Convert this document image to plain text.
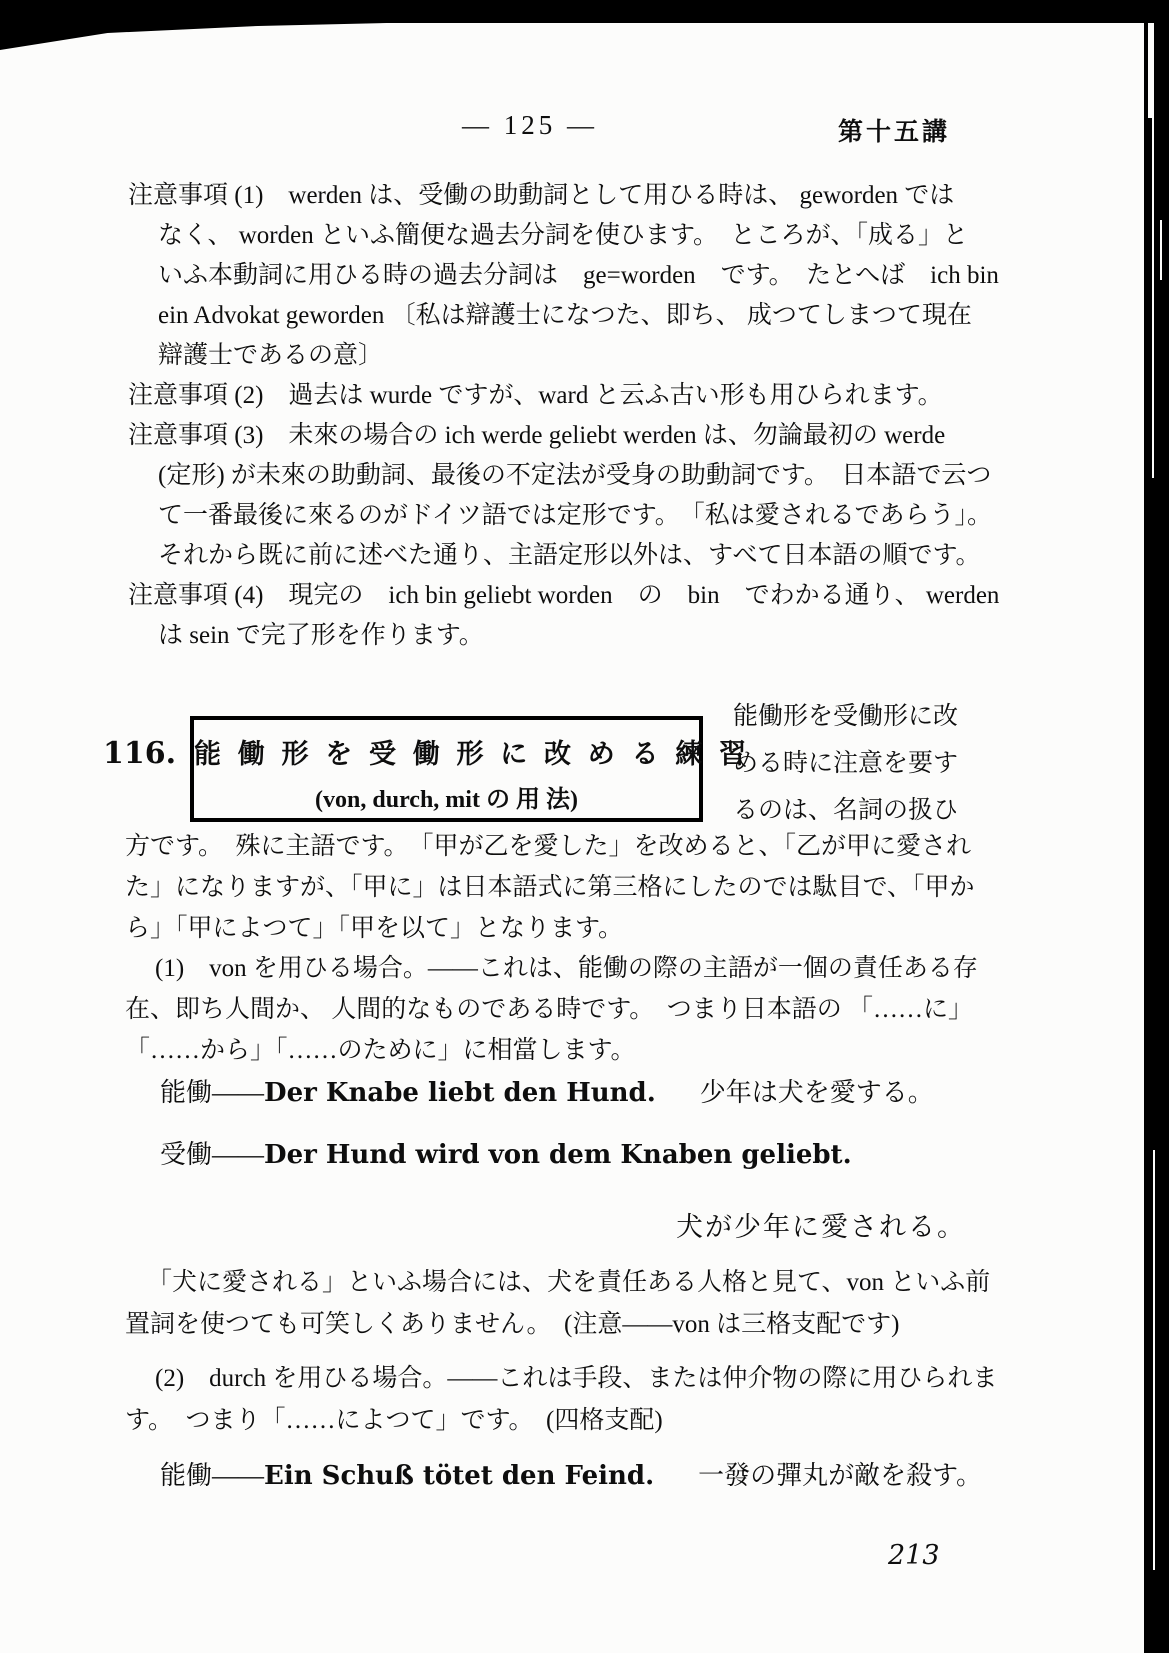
— 125 —	第十五講
注意事項 (1)　werden は、受働の助動詞として用ひる時は、 geworden では
なく、 worden といふ簡便な過去分詞を使ひます。　ところが、「成る」と
いふ本動詞に用ひる時の過去分詞は　ge=worden　です。　たとへば　ich bin
ein Advokat geworden 〔私は辯護士になつた、即ち、 成つてしまつて現在
辯護士であるの意〕
注意事項 (2)　過去は wurde ですが、ward と云ふ古い形も用ひられます。
注意事項 (3)　未來の場合の ich werde geliebt werden は、勿論最初の werde
(定形) が未來の助動詞、最後の不定法が受身の助動詞です。　日本語で云つ
て一番最後に來るのがドイツ語では定形です。　「私は愛されるであらう」。
それから既に前に述べた通り、主語定形以外は、すべて日本語の順です。
注意事項 (4)　現完の　ich bin geliebt worden　の　bin　でわかる通り、 werden
は sein で完了形を作ります。
116. 能 働 形 を 受 働 形 に 改 め る 練 習
(von, durch, mit の 用 法)
能働形を受働形に改
める時に注意を要す
るのは、名詞の扱ひ
方です。　殊に主語です。　「甲が乙を愛した」を改めると、「乙が甲に愛され
た」になりますが、「甲に」は日本語式に第三格にしたのでは駄目で、「甲か
ら」「甲によつて」「甲を以て」となります。
(1)　von を用ひる場合。——これは、能働の際の主語が一個の責任ある存
在、即ち人間か、 人間的なものである時です。　つまり日本語の 「……に」
「……から」「……のために」に相當します。
能働——Der Knabe liebt den Hund. 少年は犬を愛する。
受働——Der Hund wird von dem Knaben geliebt.
犬が少年に愛される。
「犬に愛される」といふ場合には、犬を責任ある人格と見て、von といふ前
置詞を使つても可笑しくありません。　(注意——von は三格支配です)
(2)　durch を用ひる場合。——これは手段、または仲介物の際に用ひられま
す。　つまり「……によつて」です。　(四格支配)
能働——Ein Schuß tötet den Feind. 一發の彈丸が敵を殺す。
213
